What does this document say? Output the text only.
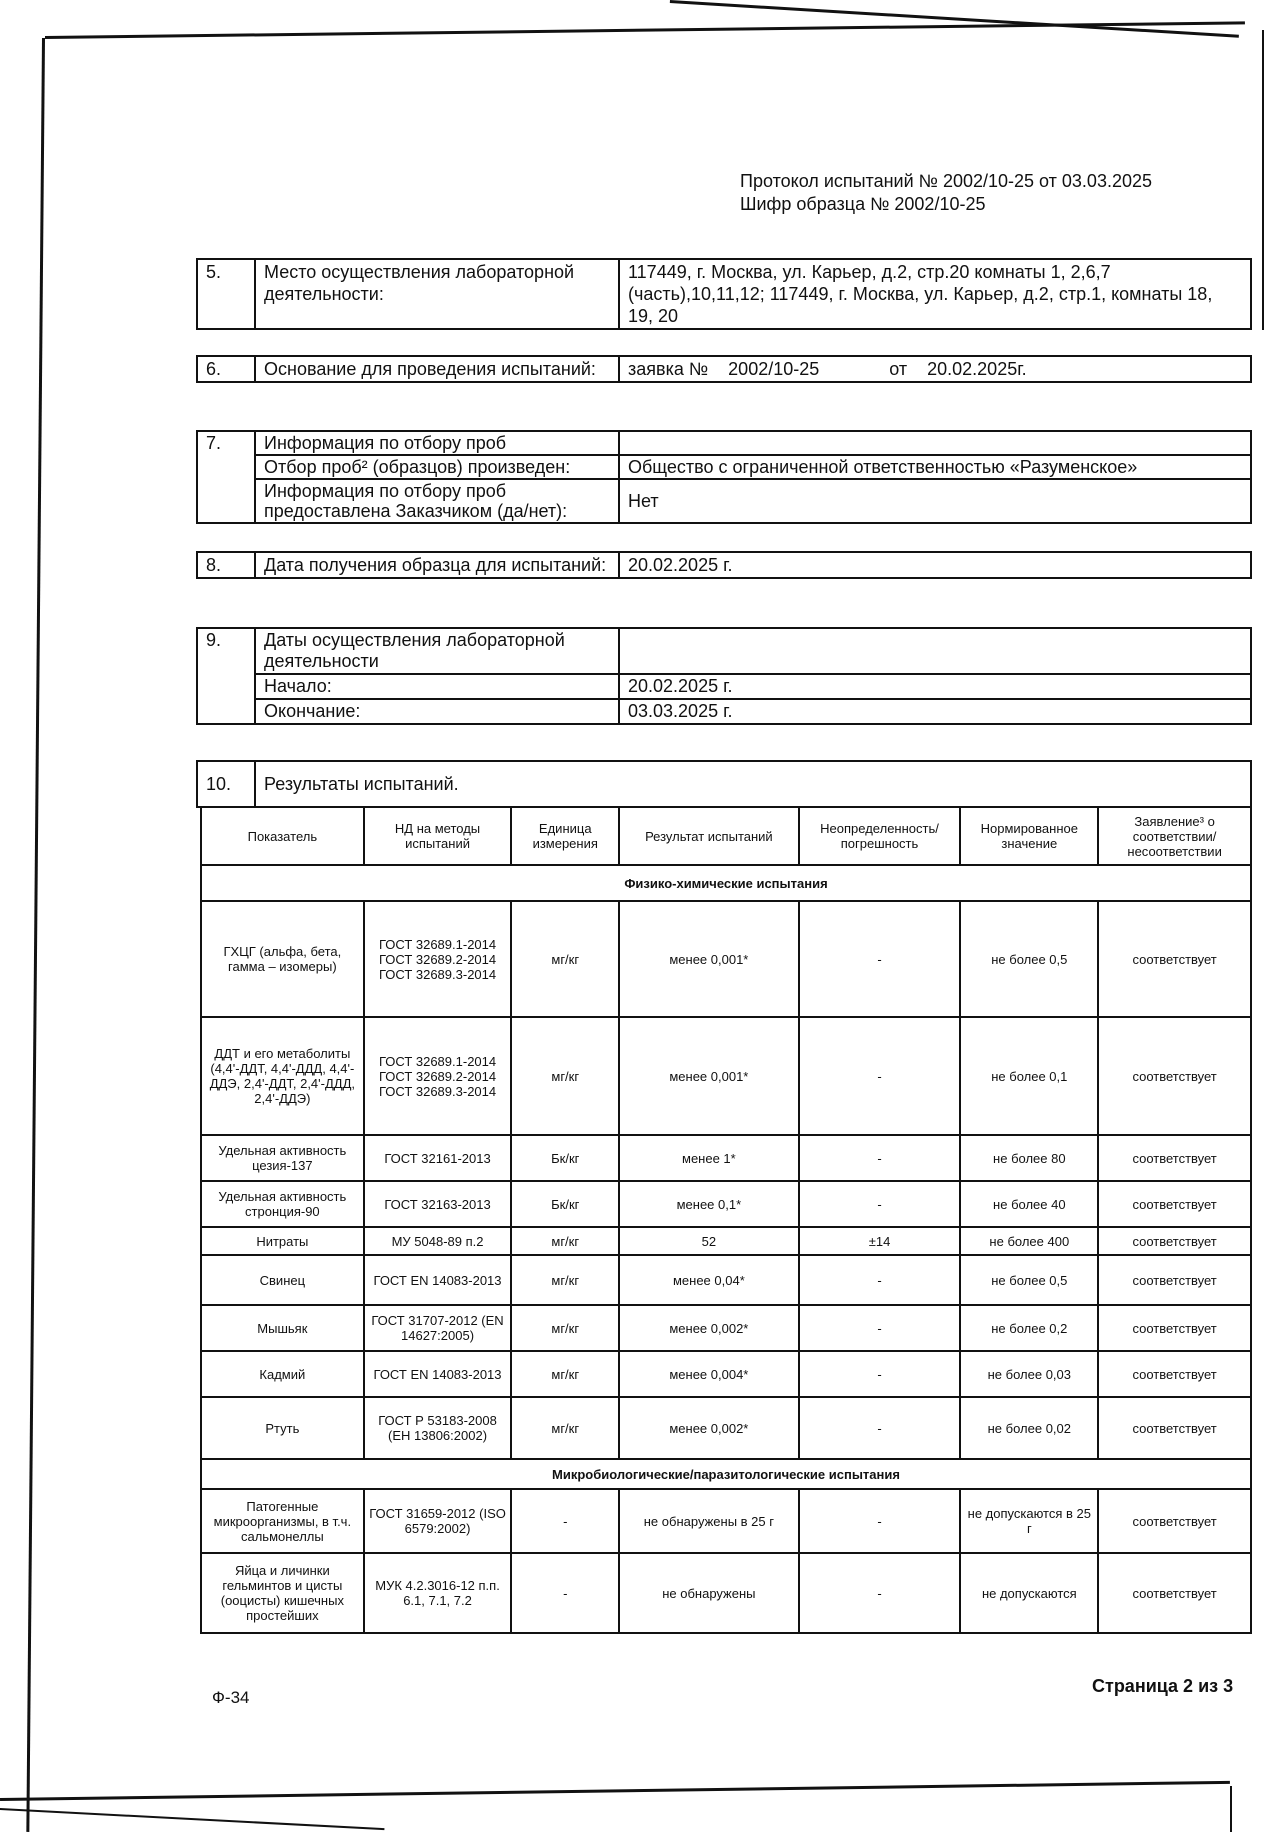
Протокол испытаний № 2002/10-25 от 03.03.2025
Шифр образца № 2002/10-25
5.	Место осуществления лабораторной деятельности:	117449, г. Москва, ул. Карьер, д.2, стр.20 комнаты 1, 2,6,7 (часть),10,11,12; 117449, г. Москва, ул. Карьер, д.2, стр.1, комнаты 18, 19, 20
6.	Основание для проведения испытаний:	заявка №    2002/10-25              от    20.02.2025г.
7.	Информация по отбору проб	
	Отбор проб² (образцов) произведен:	Общество с ограниченной ответственностью «Разуменское»
	Информация по отбору проб предоставлена Заказчиком (да/нет):	Нет
8.	Дата получения образца для испытаний:	20.02.2025 г.
9.	Даты осуществления лабораторной деятельности	
	Начало:	20.02.2025 г.
	Окончание:	03.03.2025 г.
10.	Результаты испытаний.
Показатель	НД на методы испытаний	Единица измерения	Результат испытаний	Неопределенность/ погрешность	Нормированное значение	Заявление³ о соответствии/ несоответствии
Физико-химические испытания						
ГХЦГ (альфа, бета, гамма – изомеры)	ГОСТ 32689.1-2014 ГОСТ 32689.2-2014 ГОСТ 32689.3-2014	мг/кг	менее 0,001*	-	не более 0,5	соответствует
ДДТ и его метаболиты (4,4'-ДДТ, 4,4'-ДДД, 4,4'-ДДЭ, 2,4'-ДДТ, 2,4'-ДДД, 2,4'-ДДЭ)	ГОСТ 32689.1-2014 ГОСТ 32689.2-2014 ГОСТ 32689.3-2014	мг/кг	менее 0,001*	-	не более 0,1	соответствует
Удельная активность цезия-137	ГОСТ 32161-2013	Бк/кг	менее 1*	-	не более 80	соответствует
Удельная активность стронция-90	ГОСТ 32163-2013	Бк/кг	менее 0,1*	-	не более 40	соответствует
Нитраты	МУ 5048-89 п.2	мг/кг	52	±14	не более 400	соответствует
Свинец	ГОСТ EN 14083-2013	мг/кг	менее 0,04*	-	не более 0,5	соответствует
Мышьяк	ГОСТ 31707-2012 (EN 14627:2005)	мг/кг	менее 0,002*	-	не более 0,2	соответствует
Кадмий	ГОСТ EN 14083-2013	мг/кг	менее 0,004*	-	не более 0,03	соответствует
Ртуть	ГОСТ Р 53183-2008 (ЕН 13806:2002)	мг/кг	менее 0,002*	-	не более 0,02	соответствует
Микробиологические/паразитологические испытания						
Патогенные микроорганизмы, в т.ч. сальмонеллы	ГОСТ 31659-2012 (ISO 6579:2002)	-	не обнаружены в 25 г	-	не допускаются в 25 г	соответствует
Яйца и личинки гельминтов и цисты (ооцисты) кишечных простейших	МУК 4.2.3016-12 п.п. 6.1, 7.1, 7.2	-	не обнаружены	-	не допускаются	соответствует
Ф-34
Страница 2 из 3
